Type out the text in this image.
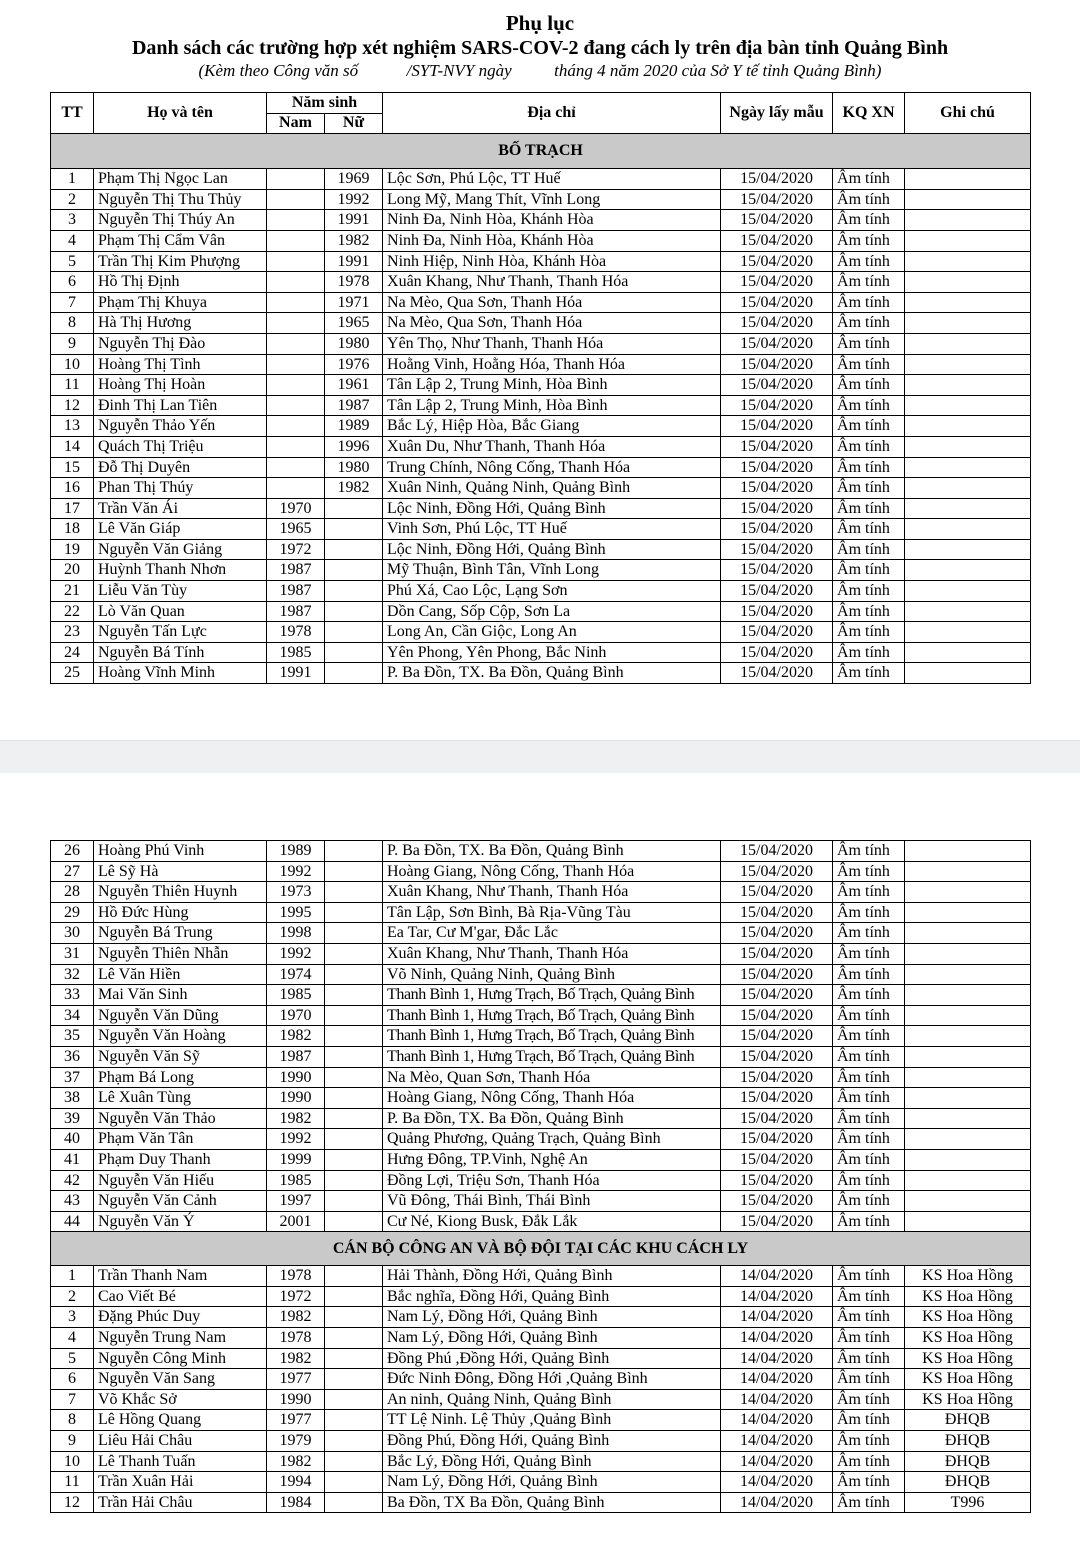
Phụ lục
Danh sách các trường hợp xét nghiệm SARS-COV-2 đang cách ly trên địa bàn tỉnh Quảng Bình
(Kèm theo Công văn số	/SYT-NVY ngày	tháng 4 năm 2020 của Sở Y tế tỉnh Quảng Bình)
TT	Họ và tên	Năm sinh		Địa chỉ	Ngày lấy mẫu	KQ XN	Ghi chú
		Nam	Nữ				
BỐ TRẠCH							
1	Phạm Thị Ngọc Lan		1969	Lộc Sơn, Phú Lộc, TT Huế	15/04/2020	Âm tính	
2	Nguyễn Thị Thu Thủy		1992	Long Mỹ, Mang Thít, Vĩnh Long	15/04/2020	Âm tính	
3	Nguyễn Thị Thúy An		1991	Ninh Đa, Ninh Hòa, Khánh Hòa	15/04/2020	Âm tính	
4	Phạm Thị Cẩm Vân		1982	Ninh Đa, Ninh Hòa, Khánh Hòa	15/04/2020	Âm tính	
5	Trần Thị Kim Phượng		1991	Ninh Hiệp, Ninh Hòa, Khánh Hòa	15/04/2020	Âm tính	
6	Hồ Thị Định		1978	Xuân Khang, Như Thanh, Thanh Hóa	15/04/2020	Âm tính	
7	Phạm Thị Khuya		1971	Na Mèo, Qua Sơn, Thanh Hóa	15/04/2020	Âm tính	
8	Hà Thị Hương		1965	Na Mèo, Qua Sơn, Thanh Hóa	15/04/2020	Âm tính	
9	Nguyễn Thị Đào		1980	Yên Thọ, Như Thanh, Thanh Hóa	15/04/2020	Âm tính	
10	Hoàng Thị Tình		1976	Hoằng Vinh, Hoằng Hóa, Thanh Hóa	15/04/2020	Âm tính	
11	Hoàng Thị Hoàn		1961	Tân Lập 2, Trung Minh, Hòa Bình	15/04/2020	Âm tính	
12	Đinh Thị Lan Tiên		1987	Tân Lập 2, Trung Minh, Hòa Bình	15/04/2020	Âm tính	
13	Nguyễn Thảo Yến		1989	Bắc Lý, Hiệp Hòa, Bắc Giang	15/04/2020	Âm tính	
14	Quách Thị Triệu		1996	Xuân Du, Như Thanh, Thanh Hóa	15/04/2020	Âm tính	
15	Đỗ Thị Duyên		1980	Trung Chính, Nông Cống, Thanh Hóa	15/04/2020	Âm tính	
16	Phan Thị Thúy		1982	Xuân Ninh, Quảng Ninh, Quảng Bình	15/04/2020	Âm tính	
17	Trần Văn Ái	1970		Lộc Ninh, Đồng Hới, Quảng Bình	15/04/2020	Âm tính	
18	Lê Văn Giáp	1965		Vinh Sơn, Phú Lộc, TT Huế	15/04/2020	Âm tính	
19	Nguyễn Văn Giảng	1972		Lộc Ninh, Đồng Hới, Quảng Bình	15/04/2020	Âm tính	
20	Huỳnh Thanh Nhơn	1987		Mỹ Thuận, Bình Tân, Vĩnh Long	15/04/2020	Âm tính	
21	Liễu Văn Tùy	1987		Phú Xá, Cao Lộc, Lạng Sơn	15/04/2020	Âm tính	
22	Lò Văn Quan	1987		Dồn Cang, Sốp Cộp, Sơn La	15/04/2020	Âm tính	
23	Nguyễn Tấn Lực	1978		Long An, Cần Giộc, Long An	15/04/2020	Âm tính	
24	Nguyễn Bá Tính	1985		Yên Phong, Yên Phong, Bắc Ninh	15/04/2020	Âm tính	
25	Hoàng Vĩnh Minh	1991		P. Ba Đồn, TX. Ba Đồn, Quảng Bình	15/04/2020	Âm tính	
26	Hoàng Phú Vinh	1989		P. Ba Đồn, TX. Ba Đồn, Quảng Bình	15/04/2020	Âm tính	
27	Lê Sỹ Hà	1992		Hoàng Giang, Nông Cống, Thanh Hóa	15/04/2020	Âm tính	
28	Nguyễn Thiên Huynh	1973		Xuân Khang, Như Thanh, Thanh Hóa	15/04/2020	Âm tính	
29	Hồ Đức Hùng	1995		Tân Lập, Sơn Bình, Bà Rịa-Vũng Tàu	15/04/2020	Âm tính	
30	Nguyễn Bá Trung	1998		Ea Tar, Cư M'gar, Đắc Lắc	15/04/2020	Âm tính	
31	Nguyễn Thiên Nhẫn	1992		Xuân Khang, Như Thanh, Thanh Hóa	15/04/2020	Âm tính	
32	Lê Văn Hiền	1974		Võ Ninh, Quảng Ninh, Quảng Bình	15/04/2020	Âm tính	
33	Mai Văn Sinh	1985		Thanh Bình 1, Hưng Trạch, Bố Trạch, Quảng Bình	15/04/2020	Âm tính	
34	Nguyễn Văn Dũng	1970		Thanh Bình 1, Hưng Trạch, Bố Trạch, Quảng Bình	15/04/2020	Âm tính	
35	Nguyễn Văn Hoàng	1982		Thanh Bình 1, Hưng Trạch, Bố Trạch, Quảng Bình	15/04/2020	Âm tính	
36	Nguyễn Văn Sỹ	1987		Thanh Bình 1, Hưng Trạch, Bố Trạch, Quảng Bình	15/04/2020	Âm tính	
37	Phạm Bá Long	1990		Na Mèo, Quan Sơn, Thanh Hóa	15/04/2020	Âm tính	
38	Lê Xuân Tùng	1990		Hoàng Giang, Nông Cống, Thanh Hóa	15/04/2020	Âm tính	
39	Nguyễn Văn Thảo	1982		P. Ba Đồn, TX. Ba Đồn, Quảng Bình	15/04/2020	Âm tính	
40	Phạm Văn Tân	1992		Quảng Phương, Quảng Trạch, Quảng Bình	15/04/2020	Âm tính	
41	Phạm Duy Thanh	1999		Hưng Đông, TP.Vinh, Nghệ An	15/04/2020	Âm tính	
42	Nguyễn Văn Hiếu	1985		Đồng Lợi, Triệu Sơn, Thanh Hóa	15/04/2020	Âm tính	
43	Nguyễn Văn Cảnh	1997		Vũ Đông, Thái Bình, Thái Bình	15/04/2020	Âm tính	
44	Nguyễn Văn Ý	2001		Cư Né, Kiong Busk, Đắk Lắk	15/04/2020	Âm tính	
CÁN BỘ CÔNG AN VÀ BỘ ĐỘI TẠI CÁC KHU CÁCH LY							
1	Trần Thanh Nam	1978		Hải Thành, Đồng Hới, Quảng Bình	14/04/2020	Âm tính	KS Hoa Hồng
2	Cao Viết Bé	1972		Bắc nghĩa, Đồng Hới, Quảng Bình	14/04/2020	Âm tính	KS Hoa Hồng
3	Đặng Phúc Duy	1982		Nam Lý, Đồng Hới, Quảng Bình	14/04/2020	Âm tính	KS Hoa Hồng
4	Nguyễn Trung Nam	1978		Nam Lý, Đồng Hới, Quảng Bình	14/04/2020	Âm tính	KS Hoa Hồng
5	Nguyễn Công Minh	1982		Đồng Phú ,Đồng Hới, Quảng Bình	14/04/2020	Âm tính	KS Hoa Hồng
6	Nguyễn Văn Sang	1977		Đức Ninh Đông, Đồng Hới ,Quảng Bình	14/04/2020	Âm tính	KS Hoa Hồng
7	Võ Khắc Sở	1990		An ninh, Quảng Ninh, Quảng Bình	14/04/2020	Âm tính	KS Hoa Hồng
8	Lê Hồng Quang	1977		TT Lệ Ninh. Lệ Thủy ,Quảng Bình	14/04/2020	Âm tính	ĐHQB
9	Liêu Hải Châu	1979		Đồng Phú, Đồng Hới, Quảng Bình	14/04/2020	Âm tính	ĐHQB
10	Lê Thanh Tuấn	1982		Bắc Lý, Đồng Hới, Quảng Bình	14/04/2020	Âm tính	ĐHQB
11	Trần Xuân Hải	1994		Nam Lý, Đồng Hới, Quảng Bình	14/04/2020	Âm tính	ĐHQB
12	Trần Hải Châu	1984		Ba Đồn, TX Ba Đồn, Quảng Bình	14/04/2020	Âm tính	T996
